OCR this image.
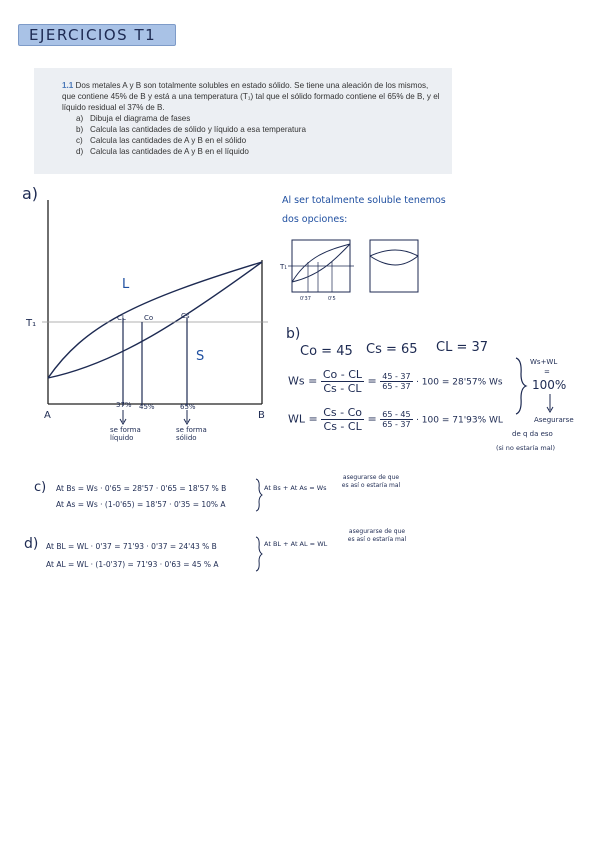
EJERCICIOS T1
1.1 Dos metales A y B son totalmente solubles en estado sólido. Se tiene una aleación de los mismos, que contiene 45% de B y está a una temperatura (T₁) tal que el sólido formado contiene el 65% de B, y el líquido residual el 37% de B.
a) Dibuja el diagrama de fases
b) Calcula las cantidades de sólido y líquido a esa temperatura
c) Calcula las cantidades de A y B en el sólido
d) Calcula las cantidades de A y B en el líquido
a)
L
S
T₁
A	B
CL	Co	Cs
37% 45%	65%
se forma líquido
se forma sólido
Al ser totalmente soluble tenemos
dos opciones:
T₁
0'37	0'5
b)
Co = 45 Cs = 65 CL = 37
$Ws = \frac{Co - CL}{Cs - CL} = \frac{45 - 37}{65 - 37} \cdot 100 = 28'57\%$ Ws
WL = $\frac{Cs - Co}{Cs - CL} = \frac{65 - 45}{65 - 37} \cdot 100 = 71'93\%$ WL
Ws+WL
=
100%
Asegurarse
de q da eso
(si no estaría mal)
c) At Bs = Ws · 0'65 = 28'57 · 0'65 = 18'57 % B
At As = Ws · (1-0'65) = 18'57 · 0'35 = 10% A
At Bs + At As = Ws
asegurarse de que es así o estaría mal
d) At BL = WL · 0'37 = 71'93 · 0'37 = 24'43 % B
At AL = WL · (1-0'37) = 71'93 · 0'63 = 45 % A
At BL + At AL = WL
asegurarse de que es así o estaría mal
